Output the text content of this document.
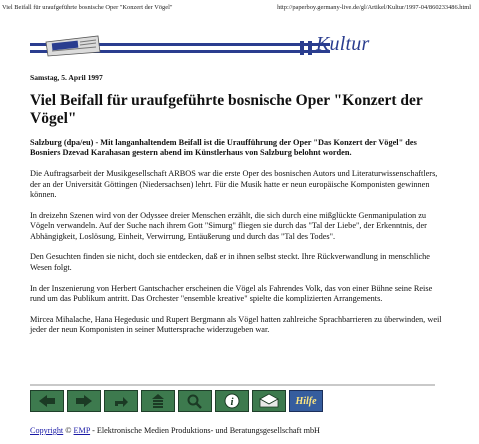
Viel Beifall für uraufgeführte bosnische Oper "Konzert der Vögel"	http://paperboy.germany-live.de/gl/Artikel/Kultur/1997-04/860233486.html
Kultur
Samstag, 5. April 1997
Viel Beifall für uraufgeführte bosnische Oper "Konzert der Vögel"

Salzburg (dpa/eu) - Mit langanhaltendem Beifall ist die Uraufführung der Oper "Das Konzert der Vögel" des Bosniers Dzevad Karahasan gestern abend im Künstlerhaus von Salzburg belohnt worden.

Die Auftragsarbeit der Musikgesellschaft ARBOS war die erste Oper des bosnischen Autors und Literaturwissenschaftlers, der an der Universität Göttingen (Niedersachsen) lehrt. Für die Musik hatte er neun europäische Komponisten gewinnen können.

In dreizehn Szenen wird von der Odyssee dreier Menschen erzählt, die sich durch eine mißglückte Genmanipulation zu Vögeln verwandeln. Auf der Suche nach ihrem Gott "Simurg" fliegen sie durch das "Tal der Liebe", der Erkenntnis, der Abhängigkeit, Loslösung, Einheit, Verwirrung, Entäußerung und durch das "Tal des Todes".

Den Gesuchten finden sie nicht, doch sie entdecken, daß er in ihnen selbst steckt. Ihre Rückverwandlung in menschliche Wesen folgt.

In der Inszenierung von Herbert Gantschacher erscheinen die Vögel als Fahrendes Volk, das von einer Bühne seine Reise rund um das Publikum antritt. Das Orchester "ensemble kreative" spielte die komplizierten Arrangements.

Mircea Mihalache, Hana Hegedusic und Rupert Bergmann als Vögel hatten zahlreiche Sprachbarrieren zu überwinden, weil jeder der neun Komponisten in seiner Muttersprache widerzugeben war.

i	Hilfe
Copyright © EMP - Elektronische Medien Produktions- und Beratungsgesellschaft mbH
